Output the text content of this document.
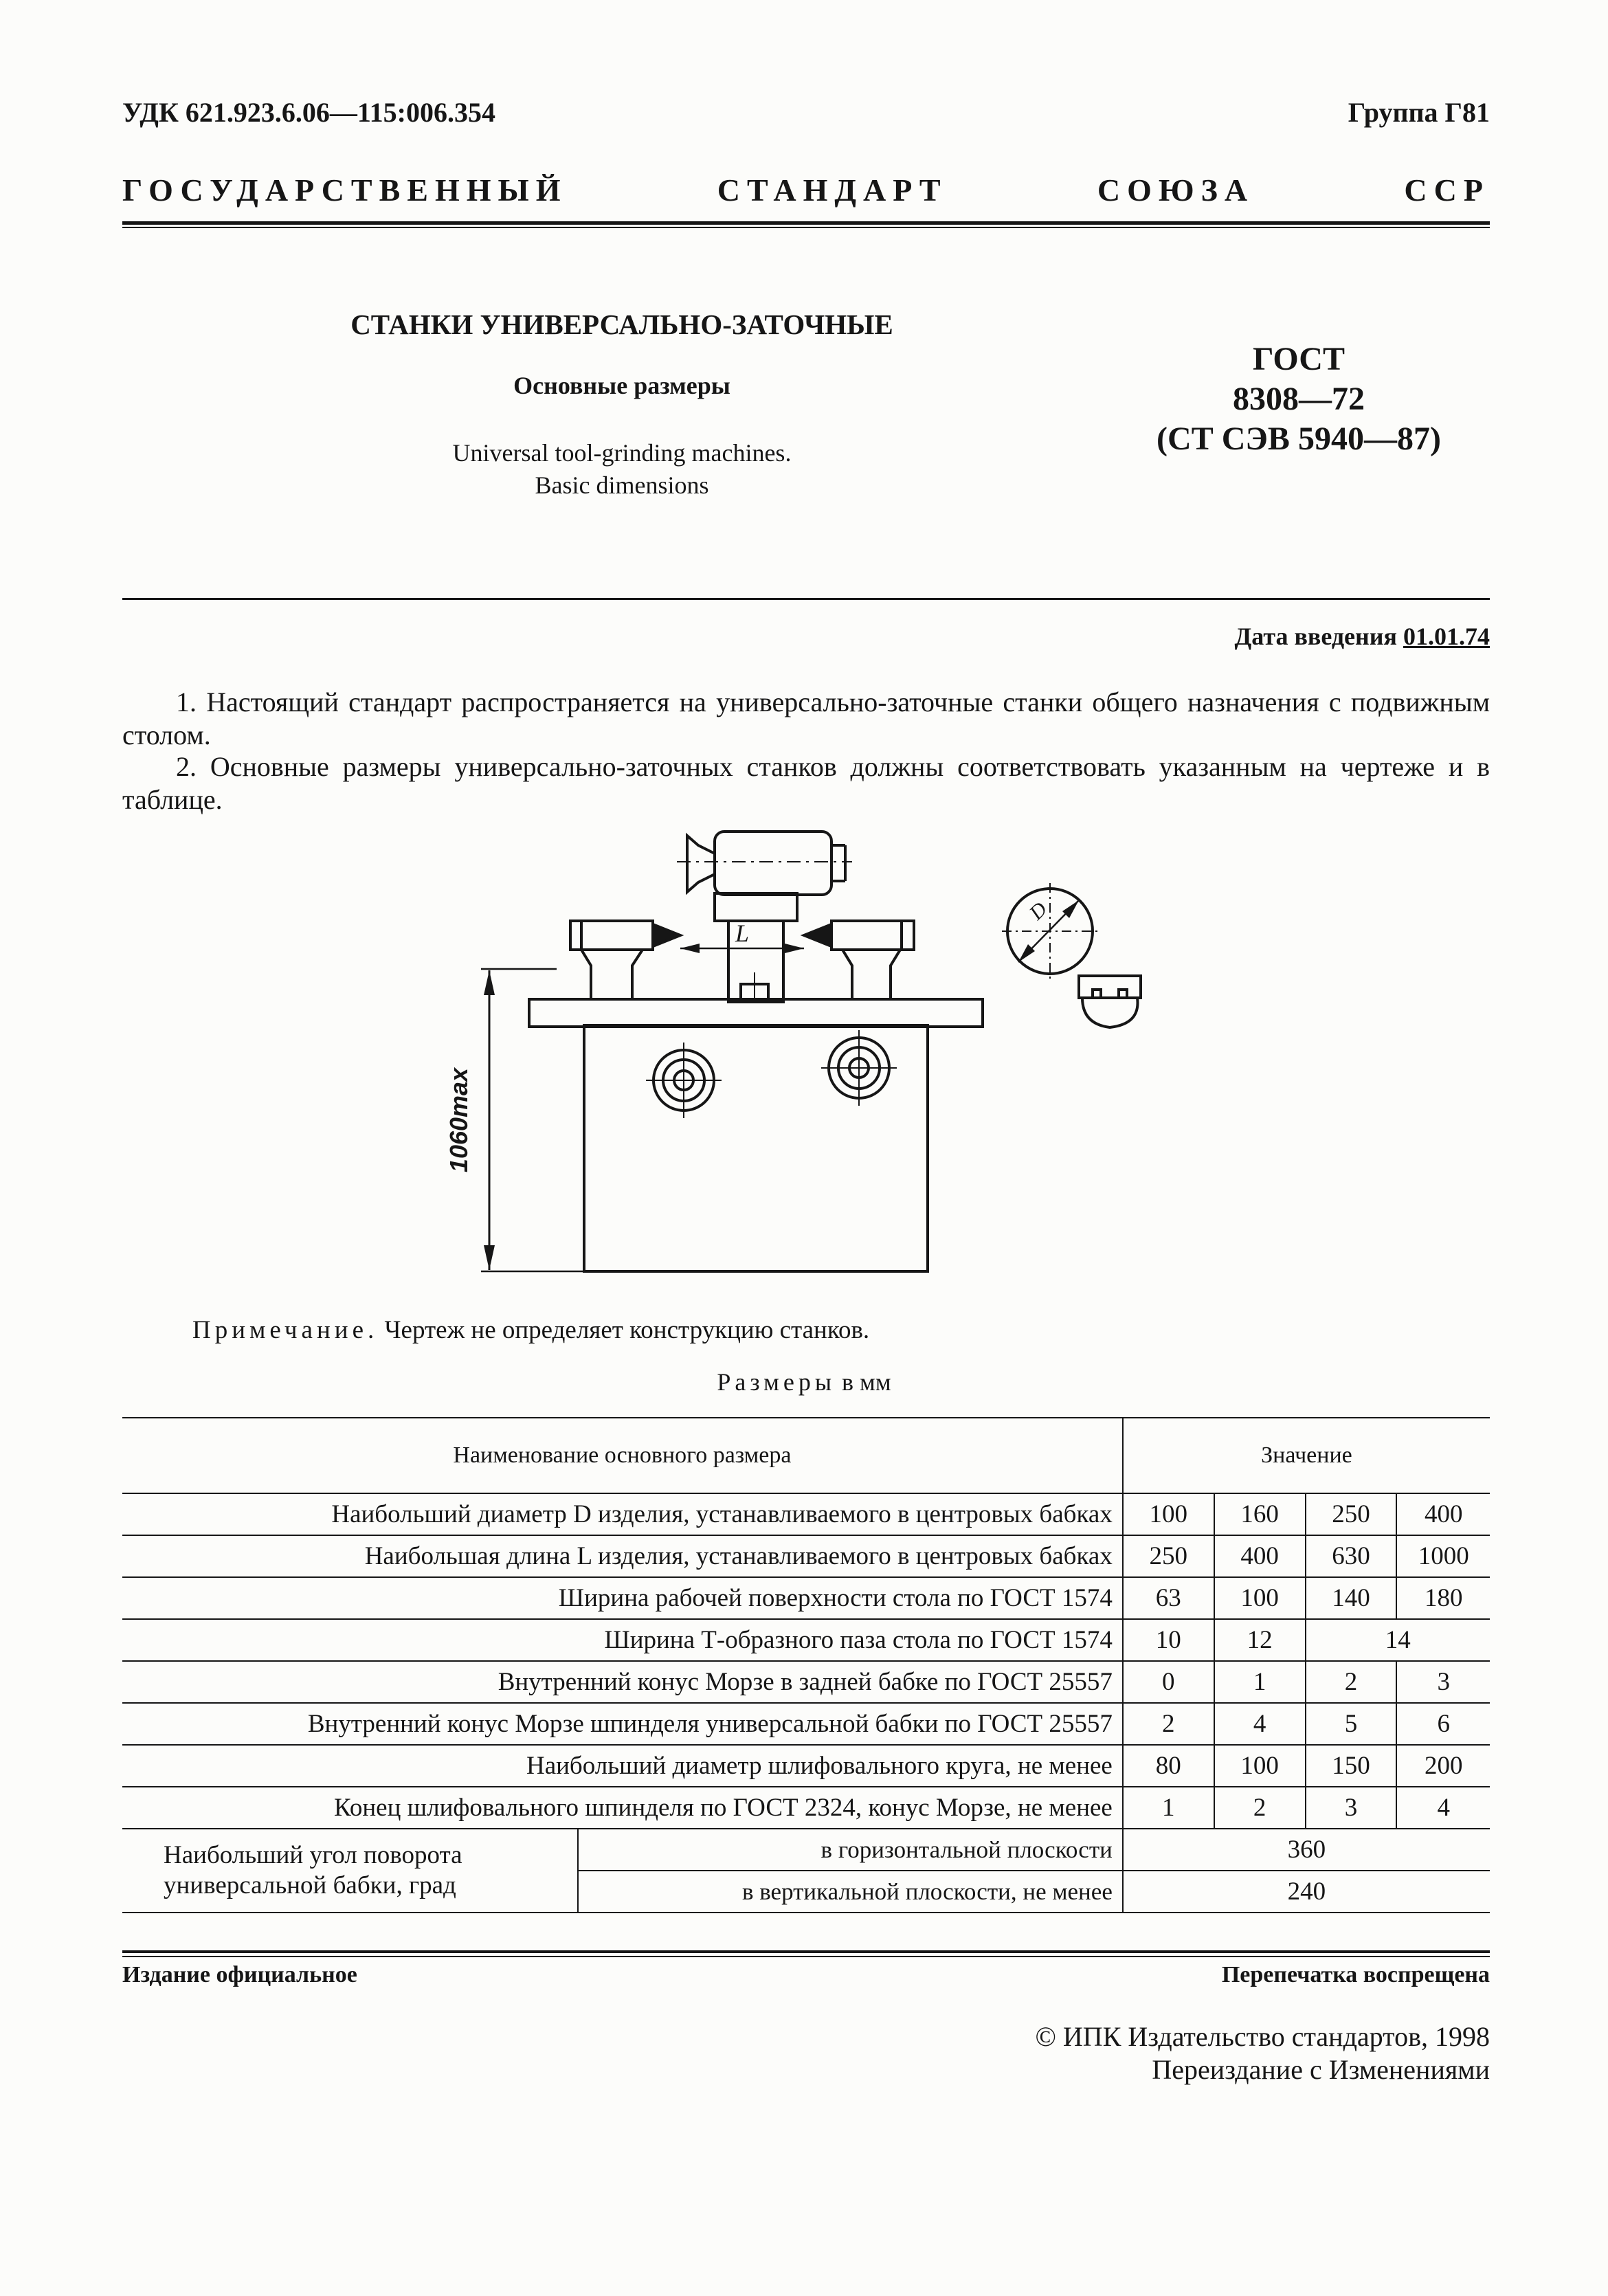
УДК 621.923.6.06—115:006.354	Группа Г81
ГОСУДАРСТВЕННЫЙ	СТАНДАРТ	СОЮЗА	ССР
СТАНКИ УНИВЕРСАЛЬНО-ЗАТОЧНЫЕ
Основные размеры
Universal tool-grinding machines.
Basic dimensions
ГОСТ
8308—72
(СТ СЭВ 5940—87)
Дата введения 01.01.74
1. Настоящий стандарт распространяется на универсально-заточные станки общего назначения с подвижным столом.
2. Основные размеры универсально-заточных станков должны соответствовать указанным на чертеже и в таблице.
1060max
L
D
Примечание. Чертеж не определяет конструкцию станков.
Размеры в мм
Наименование основного размера		Значение			
Наибольший диаметр D изделия, устанавливаемого в центровых бабках		100	160	250	400
Наибольшая длина L изделия, устанавливаемого в центровых бабках		250	400	630	1000
Ширина рабочей поверхности стола по ГОСТ 1574		63	100	140	180
Ширина Т-образного паза стола по ГОСТ 1574		10	12	14	
Внутренний конус Морзе в задней бабке по ГОСТ 25557		0	1	2	3
Внутренний конус Морзе шпинделя универсальной бабки по ГОСТ 25557		2	4	5	6
Наибольший диаметр шлифовального круга, не менее		80	100	150	200
Конец шлифовального шпинделя по ГОСТ 2324, конус Морзе, не менее		1	2	3	4
Наибольший угол поворота универсальной бабки, град	в горизонтальной плоскости	360			
	в вертикальной плоскости, не менее	240			
Издание официальное	Перепечатка воспрещена
© ИПК Издательство стандартов, 1998
Переиздание с Изменениями
